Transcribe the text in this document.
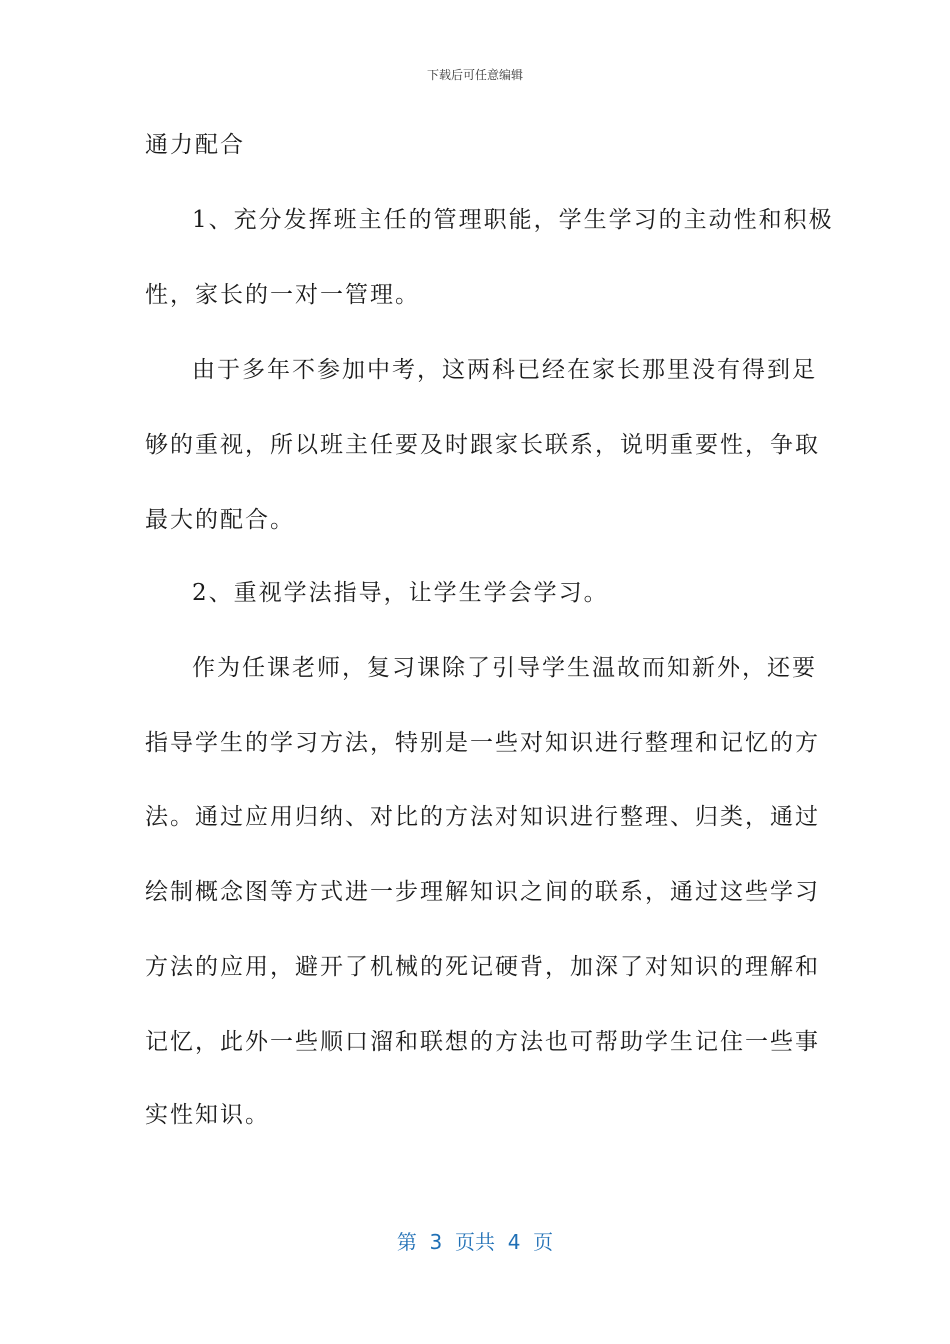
下载后可任意编辑
通力配合
1、充分发挥班主任的管理职能，学生学习的主动性和积极
性，家长的一对一管理。
由于多年不参加中考，这两科已经在家长那里没有得到足
够的重视，所以班主任要及时跟家长联系，说明重要性，争取
最大的配合。
2、重视学法指导，让学生学会学习。
作为任课老师，复习课除了引导学生温故而知新外，还要
指导学生的学习方法，特别是一些对知识进行整理和记忆的方
法。通过应用归纳、对比的方法对知识进行整理、归类，通过
绘制概念图等方式进一步理解知识之间的联系，通过这些学习
方法的应用，避开了机械的死记硬背，加深了对知识的理解和
记忆，此外一些顺口溜和联想的方法也可帮助学生记住一些事
实性知识。
第  3  页共  4  页
